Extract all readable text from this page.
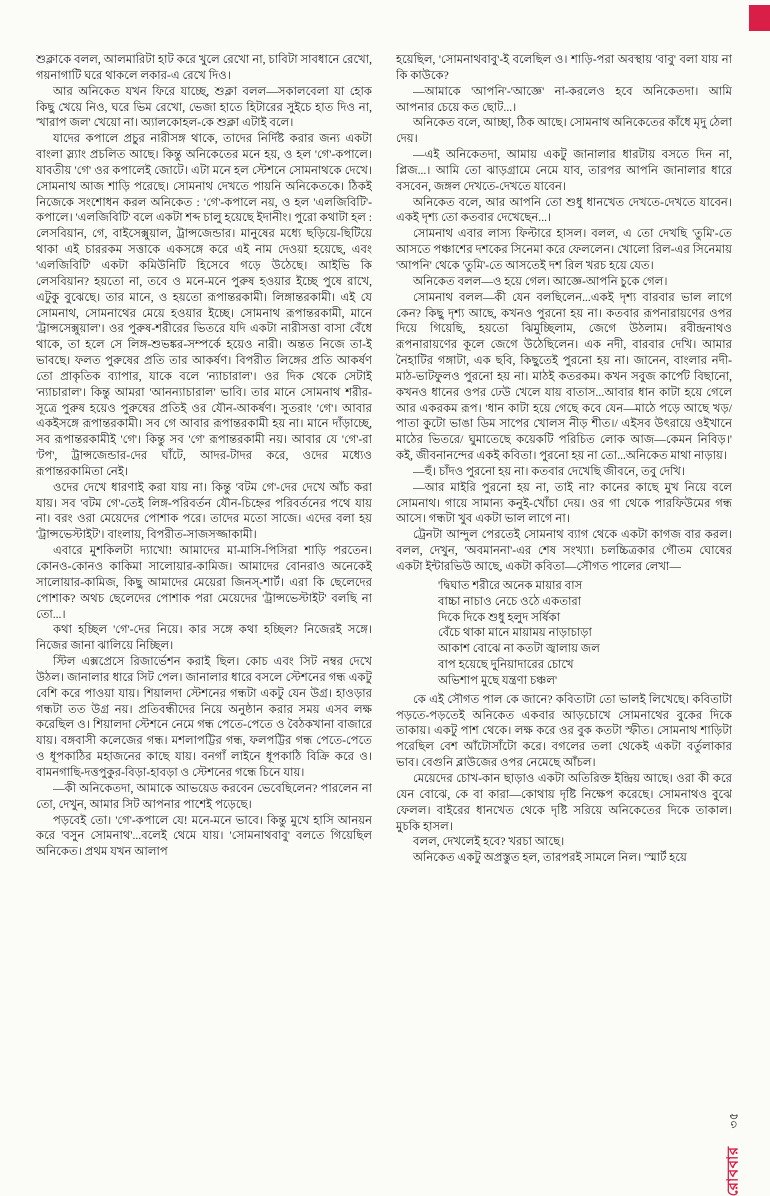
শুক্লাকে বলল, আলমারিটা হাট করে খুলে রেখো না, চাবিটা সাবধানে রেখো, গয়নাগাটি ঘরে থাকলে লকার-এ রেখে দিও।

আর অনিকেত যখন ফিরে যাচ্ছে, শুক্লা বলল—সকালবেলা যা হোক কিছু খেয়ে নিও, ঘরে ভিম রেখো, ভেজা হাতে হিটারের সুইচে হাত দিও না, 'খারাপ জল' খেয়ো না। অ্যালকোহল-কে শুক্লা এটাই বলে।

যাদের কপালে প্রচুর নারীসঙ্গ থাকে, তাদের নির্দিষ্ট করার জন্য একটা বাংলা স্ল্যাং প্রচলিত আছে। কিন্তু অনিকেতের মনে হয়, ও হল 'গে'-কপালে। যাবতীয় 'গে' ওর কপালেই জোটে। এটা মনে হল স্টেশনে সোমনাথকে দেখে। সোমনাথ আজ শাড়ি পরেছে। সোমনাথ দেখতে পায়নি অনিকেতকে। ঠিকই নিজেকে সংশোধন করল অনিকেত : 'গে'-কপালে নয়, ও হল 'এলজিবিটি'-কপালে। 'এলজিবিটি' বলে একটা শব্দ চালু হয়েছে ইদানীং। পুরো কথাটা হল : লেসবিয়ান, গে, বাইসেক্সুয়াল, ট্রান্সজেন্ডার। মানুষের মধ্যে ছড়িয়ে-ছিটিয়ে থাকা এই চাররকম সত্তাকে একসঙ্গে করে এই নাম দেওয়া হয়েছে, এবং 'এলজিবিটি' একটা কমিউনিটি হিসেবে গড়ে উঠেছে। আইভি কি লেসবিয়ান? হয়তো না, তবে ও মনে-মনে পুরুষ হওয়ার ইচ্ছে পুষে রাখে, এটুকু বুঝেছে। তার মানে, ও হয়তো রূপান্তরকামী। লিঙ্গান্তরকামী। এই যে সোমনাথ, সোমনাথের মেয়ে হওয়ার ইচ্ছে। সোমনাথ রূপান্তরকামী, মানে 'ট্রান্সসেক্সুয়াল'। ওর পুরুষ-শরীরের ভিতরে যদি একটা নারীসত্তা বাসা বেঁধে থাকে, তা হলে সে লিঙ্গ-শুভঙ্কর-সম্পর্কে হয়েও নারী। অন্তত নিজে তা-ই ভাবছে। ফলত পুরুষের প্রতি তার আকর্ষণ। বিপরীত লিঙ্গের প্রতি আকর্ষণ তো প্রাকৃতিক ব্যাপার, যাকে বলে 'ন্যাচারাল'। ওর দিক থেকে সেটাই 'ন্যাচারাল'। কিন্তু আমরা 'আনন্যাচারাল' ভাবি। তার মানে সোমনাথ শরীর-সূত্রে পুরুষ হয়েও পুরুষের প্রতিই ওর যৌন-আকর্ষণ। সুতরাং 'গে'। আবার একইসঙ্গে রূপান্তরকামী। সব গে আবার রূপান্তরকামী হয় না। মানে দাঁড়াচ্ছে, সব রূপান্তরকামীই 'গে'। কিন্তু সব 'গে' রূপান্তরকামী নয়। আবার যে 'গে'-রা 'টপ', ট্রান্সজেন্ডার-দের ঘাঁটে, আদর-টাদর করে, ওদের মধ্যেও রূপান্তরকামিতা নেই।

ওদের দেখে ধারণাই করা যায় না। কিন্তু 'বটম গে'-দের দেখে আঁচ করা যায়। সব 'বটম গে'-তেই লিঙ্গ-পরিবর্তন যৌন-চিহ্নের পরিবর্তনের পথে যায় না। বরং ওরা মেয়েদের পোশাক পরে। তাদের মতো সাজে। এদের বলা হয় 'ট্রান্সভেস্টাইট'। বাংলায়, বিপরীত-সাজসজ্জাকামী।

এবারে মুশকিলটা দ্যাখো! আমাদের মা-মাসি-পিসিরা শাড়ি পরতেন। কোনও-কোনও কাকিমা সালোয়ার-কামিজ। আমাদের বোনরাও অনেকেই সালোয়ার-কামিজ, কিছু আমাদের মেয়েরা জিনস্-শার্ট। এরা কি ছেলেদের পোশাক? অথচ ছেলেদের পোশাক পরা মেয়েদের 'ট্রান্সভেস্টাইট' বলছি না তো...।

কথা হচ্ছিল 'গে'-দের নিয়ে। কার সঙ্গে কথা হচ্ছিল? নিজেরই সঙ্গে। নিজের জানা ঝালিয়ে নিচ্ছিল।

স্টিল এক্সপ্রেসে রিজার্ভেশন করাই ছিল। কোচ এবং সিট নম্বর দেখে উঠল। জানালার ধারে সিট পেল। জানালার ধারে বসলে স্টেশনের গন্ধ একটু বেশি করে পাওয়া যায়। শিয়ালদা স্টেশনের গন্ধটা একটু যেন উগ্র। হাওড়ার গন্ধটা তত উগ্র নয়। প্রতিবন্ধীদের নিয়ে অনুষ্ঠান করার সময় এসব লক্ষ করেছিল ও। শিয়ালদা স্টেশনে নেমে গন্ধ পেতে-পেতে ও বৈঠকখানা বাজারে যায়। বঙ্গবাসী কলেজের গন্ধ। মশলাপট্টির গন্ধ, ফলপট্টির গন্ধ পেতে-পেতে ও ধূপকাঠির মহাজনের কাছে যায়। বনগাঁ লাইনে ধূপকাঠি বিক্রি করে ও। বামনগাছি-দত্তপুকুর-বিড়া-হাবড়া ও স্টেশনের গন্ধে চিনে যায়।

—কী অনিকেতদা, আমাকে আভয়েড করবেন ভেবেছিলেন? পারলেন না তো, দেখুন, আমার সিট আপনার পাশেই পড়েছে।

পড়বেই তো। 'গে'-কপালে যে! মনে-মনে ভাবে। কিন্তু মুখে হাসি আনয়ন করে 'বসুন সোমনাথ'...বলেই থেমে যায়। 'সোমনাথবাবু' বলতে গিয়েছিল অনিকেত। প্রথম যখন আলাপ

হয়েছিল, 'সোমনাথবাবু'-ই বলেছিল ও। শাড়ি-পরা অবস্থায় 'বাবু' বলা যায় না কি কাউকে?

—আমাকে 'আপনি'-'আজ্ঞে' না-করলেও হবে অনিকেতদা। আমি আপনার চেয়ে কত ছোট...।

অনিকেত বলে, আচ্ছা, ঠিক আছে। সোমনাথ অনিকেতের কাঁধে মৃদু ঠেলা দেয়।

—এই অনিকেতদা, আমায় একটু জানালার ধারটায় বসতে দিন না, প্লিজ...। আমি তো ঝাড়গ্রামে নেমে যাব, তারপর আপনি জানালার ধারে বসবেন, জঙ্গল দেখতে-দেখতে যাবেন।

অনিকেত বলে, আর আপনি তো শুধু ধানখেত দেখতে-দেখতে যাবেন। একই দৃশ্য তো কতবার দেখেছেন...।

সোমনাথ এবার লাস্য ফিল্টারে হাসল। বলল, এ তো দেখছি 'তুমি'-তে আসতে পঞ্চাশের দশকের সিনেমা করে ফেললেন। খোলো রিল-এর সিনেমায় 'আপনি' থেকে 'তুমি'-তে আসতেই দশ রিল খরচ হয়ে যেত।

অনিকেত বলল—ও হয়ে গেল। আজ্ঞে-আপনি চুকে গেল।

সোমনাথ বলল—কী যেন বলছিলেন...একই দৃশ্য বারবার ভাল লাগে কেন? কিছু দৃশ্য আছে, কখনও পুরনো হয় না। কতবার রূপনারায়ণের ওপর দিয়ে গিয়েছি, হয়তো ঝিমুচ্ছিলাম, জেগে উঠলাম। রবীন্দ্রনাথও রূপনারায়ণের কূলে জেগে উঠেছিলেন। এক নদী, বারবার দেখি। আমার নৈহাটির গঙ্গাটা, এক ছবি, কিছুতেই পুরনো হয় না। জানেন, বাংলার নদী-মাঠ-ভাটফুলও পুরনো হয় না। মাঠই কতরকম। কখন সবুজ কার্পেট বিছানো, কখনও ধানের ওপর ঢেউ খেলে যায় বাতাস...আবার ধান কাটা হয়ে গেলে আর একরকম রূপ। 'ধান কাটা হয়ে গেছে কবে যেন—মাঠে পড়ে আছে খড়/ পাতা কুটো ভাঙা ডিম সাপের খোলস নীড় শীত।/ এইসব উৎরায়ে ওইখানে মাঠের ভিতরে/ ঘুমাতেছে কয়েকটি পরিচিত লোক আজ—কেমন নিবিড়।' কই, জীবনানন্দের একই কবিতা। পুরনো হয় না তো...অনিকেত মাথা নাড়ায়।

—হুঁ। চাঁদও পুরনো হয় না। কতবার দেখেছি জীবনে, তবু দেখি।

—আর মাইরি পুরনো হয় না, তাই না? কানের কাছে মুখ নিয়ে বলে সোমনাথ। গায়ে সামান্য কনুই-খোঁচা দেয়। ওর গা থেকে পারফিউমের গন্ধ আসে। গন্ধটা খুব একটা ভাল লাগে না।

ট্রেনটা আন্দুল পেরতেই সোমনাথ ব্যাগ থেকে একটা কাগজ বার করল। বলল, দেখুন, 'অবমাননা'-এর শেষ সংখ্যা। চলচ্চিত্রকার গৌতম ঘোষের একটা ইন্টারভিউ আছে, একটা কবিতা—সৌগত পালের লেখা—

'দ্বিঘাত শরীরে অনেক মায়ার বাস
বাচ্চা নাচাও নেচে ওঠে একতারা
দিকে দিকে শুধু হলুদ সর্ষিকা
বেঁচে থাকা মানে মায়াময় নাড়াচাড়া
আকাশ বোঝে না কতটা জ্বালায় জল
বাপ হয়েছে দুনিয়াদারের চোখে
অভিশাপ মুছে যন্ত্রণা চঞ্চল'

কে এই সৌগত পাল কে জানে? কবিতাটা তো ভালই লিখেছে। কবিতাটা পড়তে-পড়তেই অনিকেত একবার আড়চোখে সোমনাথের বুকের দিকে তাকায়। একটু পাশ থেকে। লক্ষ করে ওর বুক কতটা স্ফীত। সোমনাথ শাড়িটা পরেছিল বেশ আঁটোসাঁটো করে। বগলের তলা থেকেই একটা বর্তুলাকার ভাব। বেগুনি ব্লাউজের ওপর নেমেছে আঁচল।

মেয়েদের চোখ-কান ছাড়াও একটা অতিরিক্ত ইন্দ্রিয় আছে। ওরা কী করে যেন বোঝে, কে বা কারা—কোথায় দৃষ্টি নিক্ষেপ করেছে। সোমনাথও বুঝে ফেলল। বাইরের ধানখেত থেকে দৃষ্টি সরিয়ে অনিকেতের দিকে তাকাল। মুচকি হাসল।

বলল, দেখলেই হবে? খরচা আছে।

অনিকেত একটু অপ্রস্তুত হল, তারপরই সামলে নিল। 'স্মার্ট হয়ে

রোববার ৩৫
